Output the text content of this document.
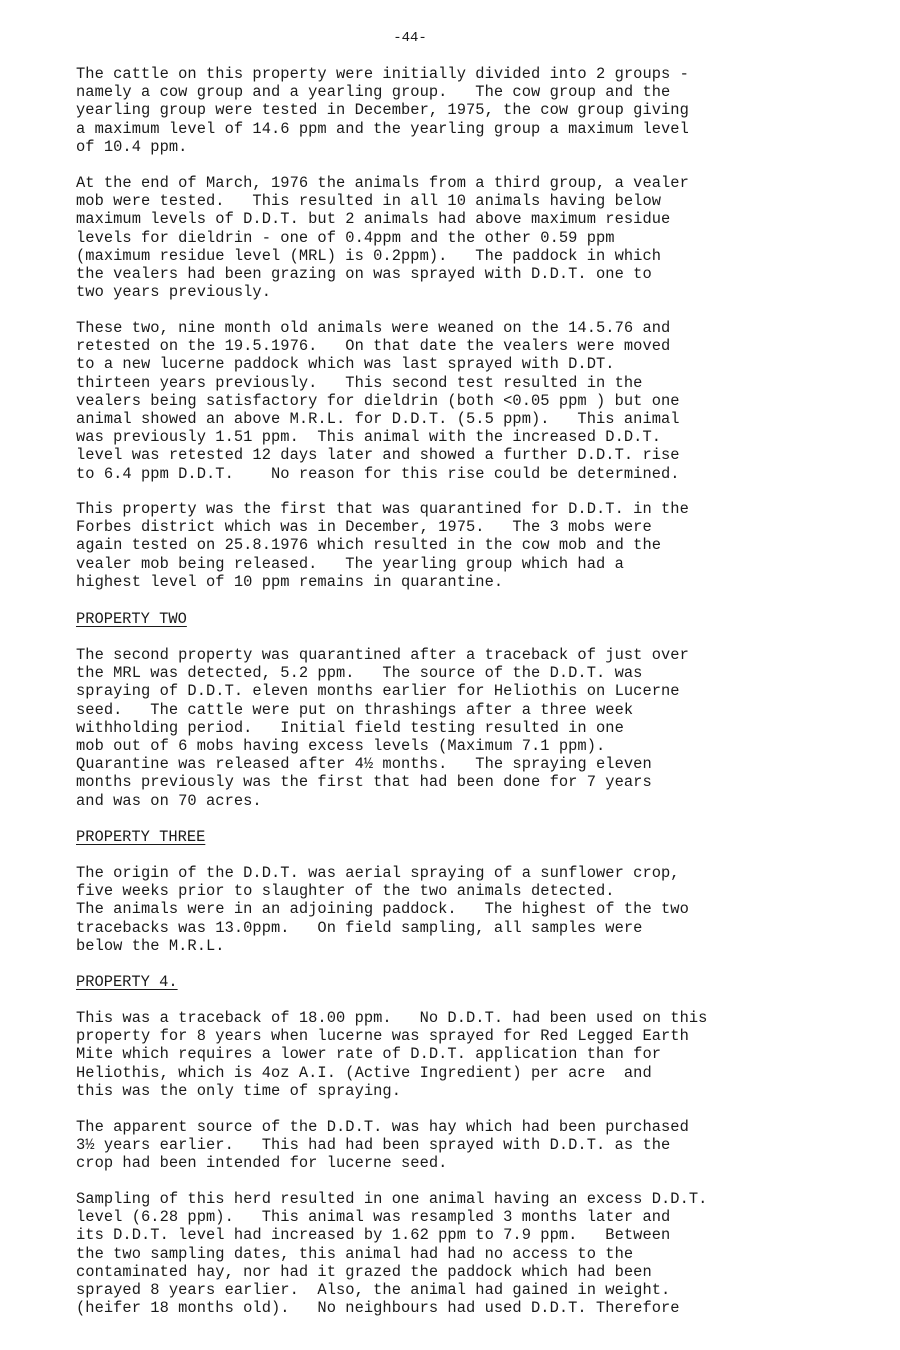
-44-
The cattle on this property were initially divided into 2 groups -
namely a cow group and a yearling group.   The cow group and the
yearling group were tested in December, 1975, the cow group giving
a maximum level of 14.6 ppm and the yearling group a maximum level
of 10.4 ppm.
At the end of March, 1976 the animals from a third group, a vealer
mob were tested.   This resulted in all 10 animals having below
maximum levels of D.D.T. but 2 animals had above maximum residue
levels for dieldrin - one of 0.4ppm and the other 0.59 ppm
(maximum residue level (MRL) is 0.2ppm).   The paddock in which
the vealers had been grazing on was sprayed with D.D.T. one to
two years previously.
These two, nine month old animals were weaned on the 14.5.76 and
retested on the 19.5.1976.   On that date the vealers were moved
to a new lucerne paddock which was last sprayed with D.DT.
thirteen years previously.   This second test resulted in the
vealers being satisfactory for dieldrin (both <0.05 ppm ) but one
animal showed an above M.R.L. for D.D.T. (5.5 ppm).   This animal
was previously 1.51 ppm.  This animal with the increased D.D.T.
level was retested 12 days later and showed a further D.D.T. rise
to 6.4 ppm D.D.T.    No reason for this rise could be determined.
This property was the first that was quarantined for D.D.T. in the
Forbes district which was in December, 1975.   The 3 mobs were
again tested on 25.8.1976 which resulted in the cow mob and the
vealer mob being released.   The yearling group which had a
highest level of 10 ppm remains in quarantine.
PROPERTY TWO
The second property was quarantined after a traceback of just over
the MRL was detected, 5.2 ppm.   The source of the D.D.T. was
spraying of D.D.T. eleven months earlier for Heliothis on Lucerne
seed.   The cattle were put on thrashings after a three week
withholding period.   Initial field testing resulted in one
mob out of 6 mobs having excess levels (Maximum 7.1 ppm).
Quarantine was released after 4½ months.   The spraying eleven
months previously was the first that had been done for 7 years
and was on 70 acres.
PROPERTY THREE
The origin of the D.D.T. was aerial spraying of a sunflower crop,
five weeks prior to slaughter of the two animals detected.
The animals were in an adjoining paddock.   The highest of the two
tracebacks was 13.0ppm.   On field sampling, all samples were
below the M.R.L.
PROPERTY 4.
This was a traceback of 18.00 ppm.   No D.D.T. had been used on this
property for 8 years when lucerne was sprayed for Red Legged Earth
Mite which requires a lower rate of D.D.T. application than for
Heliothis, which is 4oz A.I. (Active Ingredient) per acre  and
this was the only time of spraying.
The apparent source of the D.D.T. was hay which had been purchased
3½ years earlier.   This had had been sprayed with D.D.T. as the
crop had been intended for lucerne seed.
Sampling of this herd resulted in one animal having an excess D.D.T.
level (6.28 ppm).   This animal was resampled 3 months later and
its D.D.T. level had increased by 1.62 ppm to 7.9 ppm.   Between
the two sampling dates, this animal had had no access to the
contaminated hay, nor had it grazed the paddock which had been
sprayed 8 years earlier.  Also, the animal had gained in weight.
(heifer 18 months old).   No neighbours had used D.D.T. Therefore
